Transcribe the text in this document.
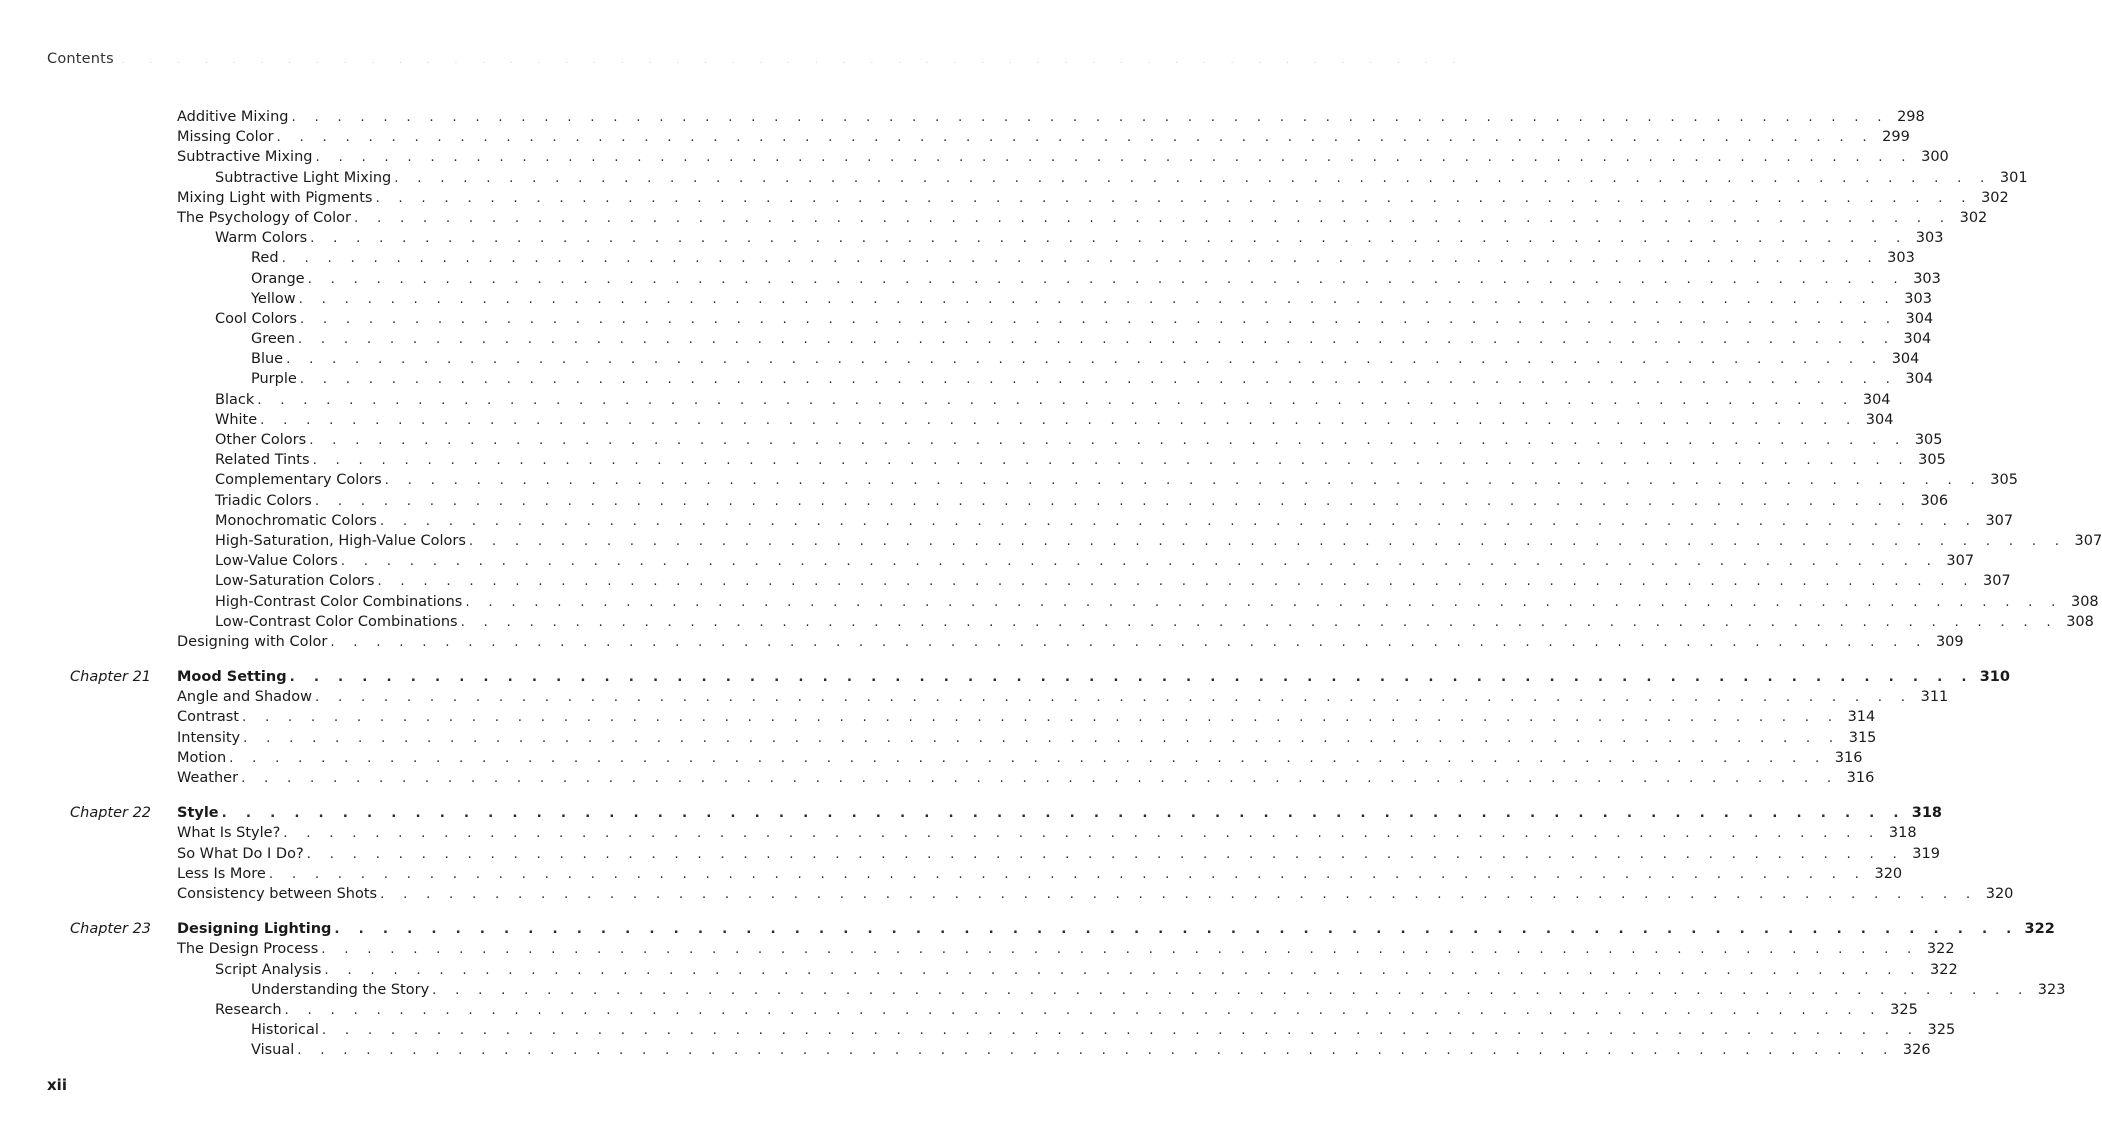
Contents . . . . . . . . . . . . . . . . . . . . . . . . . . . . . . . . . . . . . . . . . . . . . . . . .
Additive Mixing . . . . . . . . . . . . . . . . . . . . . . . . . . . . . . . . . . . . . . . . . . . . . . . . . . . . . . . . . . . . . . . . . . . . . . 298
Missing Color . . . . . . . . . . . . . . . . . . . . . . . . . . . . . . . . . . . . . . . . . . . . . . . . . . . . . . . . . . . . . . . . . . . . . . 299
Subtractive Mixing . . . . . . . . . . . . . . . . . . . . . . . . . . . . . . . . . . . . . . . . . . . . . . . . . . . . . . . . . . . . . . . . . . . . . . 300
Subtractive Light Mixing . . . . . . . . . . . . . . . . . . . . . . . . . . . . . . . . . . . . . . . . . . . . . . . . . . . . . . . . . . . . . . . . . . . . . . 301
Mixing Light with Pigments . . . . . . . . . . . . . . . . . . . . . . . . . . . . . . . . . . . . . . . . . . . . . . . . . . . . . . . . . . . . . . . . . . . . . . 302
The Psychology of Color . . . . . . . . . . . . . . . . . . . . . . . . . . . . . . . . . . . . . . . . . . . . . . . . . . . . . . . . . . . . . . . . . . . . . . 302
Warm Colors . . . . . . . . . . . . . . . . . . . . . . . . . . . . . . . . . . . . . . . . . . . . . . . . . . . . . . . . . . . . . . . . . . . . . . 303
Red . . . . . . . . . . . . . . . . . . . . . . . . . . . . . . . . . . . . . . . . . . . . . . . . . . . . . . . . . . . . . . . . . . . . . . 303
Orange . . . . . . . . . . . . . . . . . . . . . . . . . . . . . . . . . . . . . . . . . . . . . . . . . . . . . . . . . . . . . . . . . . . . . . 303
Yellow . . . . . . . . . . . . . . . . . . . . . . . . . . . . . . . . . . . . . . . . . . . . . . . . . . . . . . . . . . . . . . . . . . . . . . 303
Cool Colors . . . . . . . . . . . . . . . . . . . . . . . . . . . . . . . . . . . . . . . . . . . . . . . . . . . . . . . . . . . . . . . . . . . . . . 304
Green . . . . . . . . . . . . . . . . . . . . . . . . . . . . . . . . . . . . . . . . . . . . . . . . . . . . . . . . . . . . . . . . . . . . . . 304
Blue . . . . . . . . . . . . . . . . . . . . . . . . . . . . . . . . . . . . . . . . . . . . . . . . . . . . . . . . . . . . . . . . . . . . . . 304
Purple . . . . . . . . . . . . . . . . . . . . . . . . . . . . . . . . . . . . . . . . . . . . . . . . . . . . . . . . . . . . . . . . . . . . . . 304
Black . . . . . . . . . . . . . . . . . . . . . . . . . . . . . . . . . . . . . . . . . . . . . . . . . . . . . . . . . . . . . . . . . . . . . . 304
White . . . . . . . . . . . . . . . . . . . . . . . . . . . . . . . . . . . . . . . . . . . . . . . . . . . . . . . . . . . . . . . . . . . . . . 304
Other Colors . . . . . . . . . . . . . . . . . . . . . . . . . . . . . . . . . . . . . . . . . . . . . . . . . . . . . . . . . . . . . . . . . . . . . . 305
Related Tints . . . . . . . . . . . . . . . . . . . . . . . . . . . . . . . . . . . . . . . . . . . . . . . . . . . . . . . . . . . . . . . . . . . . . . 305
Complementary Colors . . . . . . . . . . . . . . . . . . . . . . . . . . . . . . . . . . . . . . . . . . . . . . . . . . . . . . . . . . . . . . . . . . . . . . 305
Triadic Colors . . . . . . . . . . . . . . . . . . . . . . . . . . . . . . . . . . . . . . . . . . . . . . . . . . . . . . . . . . . . . . . . . . . . . . 306
Monochromatic Colors . . . . . . . . . . . . . . . . . . . . . . . . . . . . . . . . . . . . . . . . . . . . . . . . . . . . . . . . . . . . . . . . . . . . . . 307
High-Saturation, High-Value Colors . . . . . . . . . . . . . . . . . . . . . . . . . . . . . . . . . . . . . . . . . . . . . . . . . . . . . . . . . . . . . . . . . . . . . . 307
Low-Value Colors . . . . . . . . . . . . . . . . . . . . . . . . . . . . . . . . . . . . . . . . . . . . . . . . . . . . . . . . . . . . . . . . . . . . . . 307
Low-Saturation Colors . . . . . . . . . . . . . . . . . . . . . . . . . . . . . . . . . . . . . . . . . . . . . . . . . . . . . . . . . . . . . . . . . . . . . . 307
High-Contrast Color Combinations . . . . . . . . . . . . . . . . . . . . . . . . . . . . . . . . . . . . . . . . . . . . . . . . . . . . . . . . . . . . . . . . . . . . . . 308
Low-Contrast Color Combinations . . . . . . . . . . . . . . . . . . . . . . . . . . . . . . . . . . . . . . . . . . . . . . . . . . . . . . . . . . . . . . . . . . . . . . 308
Designing with Color . . . . . . . . . . . . . . . . . . . . . . . . . . . . . . . . . . . . . . . . . . . . . . . . . . . . . . . . . . . . . . . . . . . . . . 309
Chapter 21 Mood Setting . . . . . . . . . . . . . . . . . . . . . . . . . . . . . . . . . . . . . . . . . . . . . . . . . . . . . . . . . . . . . . . . . . . . . . 310
Angle and Shadow . . . . . . . . . . . . . . . . . . . . . . . . . . . . . . . . . . . . . . . . . . . . . . . . . . . . . . . . . . . . . . . . . . . . . . 311
Contrast . . . . . . . . . . . . . . . . . . . . . . . . . . . . . . . . . . . . . . . . . . . . . . . . . . . . . . . . . . . . . . . . . . . . . . 314
Intensity . . . . . . . . . . . . . . . . . . . . . . . . . . . . . . . . . . . . . . . . . . . . . . . . . . . . . . . . . . . . . . . . . . . . . . 315
Motion . . . . . . . . . . . . . . . . . . . . . . . . . . . . . . . . . . . . . . . . . . . . . . . . . . . . . . . . . . . . . . . . . . . . . . 316
Weather . . . . . . . . . . . . . . . . . . . . . . . . . . . . . . . . . . . . . . . . . . . . . . . . . . . . . . . . . . . . . . . . . . . . . . 316
Chapter 22 Style . . . . . . . . . . . . . . . . . . . . . . . . . . . . . . . . . . . . . . . . . . . . . . . . . . . . . . . . . . . . . . . . . . . . . . 318
What Is Style? . . . . . . . . . . . . . . . . . . . . . . . . . . . . . . . . . . . . . . . . . . . . . . . . . . . . . . . . . . . . . . . . . . . . . . 318
So What Do I Do? . . . . . . . . . . . . . . . . . . . . . . . . . . . . . . . . . . . . . . . . . . . . . . . . . . . . . . . . . . . . . . . . . . . . . . 319
Less Is More . . . . . . . . . . . . . . . . . . . . . . . . . . . . . . . . . . . . . . . . . . . . . . . . . . . . . . . . . . . . . . . . . . . . . . 320
Consistency between Shots . . . . . . . . . . . . . . . . . . . . . . . . . . . . . . . . . . . . . . . . . . . . . . . . . . . . . . . . . . . . . . . . . . . . . . 320
Chapter 23 Designing Lighting . . . . . . . . . . . . . . . . . . . . . . . . . . . . . . . . . . . . . . . . . . . . . . . . . . . . . . . . . . . . . . . . . . . . . . 322
The Design Process . . . . . . . . . . . . . . . . . . . . . . . . . . . . . . . . . . . . . . . . . . . . . . . . . . . . . . . . . . . . . . . . . . . . . . 322
Script Analysis . . . . . . . . . . . . . . . . . . . . . . . . . . . . . . . . . . . . . . . . . . . . . . . . . . . . . . . . . . . . . . . . . . . . . . 322
Understanding the Story . . . . . . . . . . . . . . . . . . . . . . . . . . . . . . . . . . . . . . . . . . . . . . . . . . . . . . . . . . . . . . . . . . . . . . 323
Research . . . . . . . . . . . . . . . . . . . . . . . . . . . . . . . . . . . . . . . . . . . . . . . . . . . . . . . . . . . . . . . . . . . . . . 325
Historical . . . . . . . . . . . . . . . . . . . . . . . . . . . . . . . . . . . . . . . . . . . . . . . . . . . . . . . . . . . . . . . . . . . . . . 325
Visual . . . . . . . . . . . . . . . . . . . . . . . . . . . . . . . . . . . . . . . . . . . . . . . . . . . . . . . . . . . . . . . . . . . . . . 326
xii
